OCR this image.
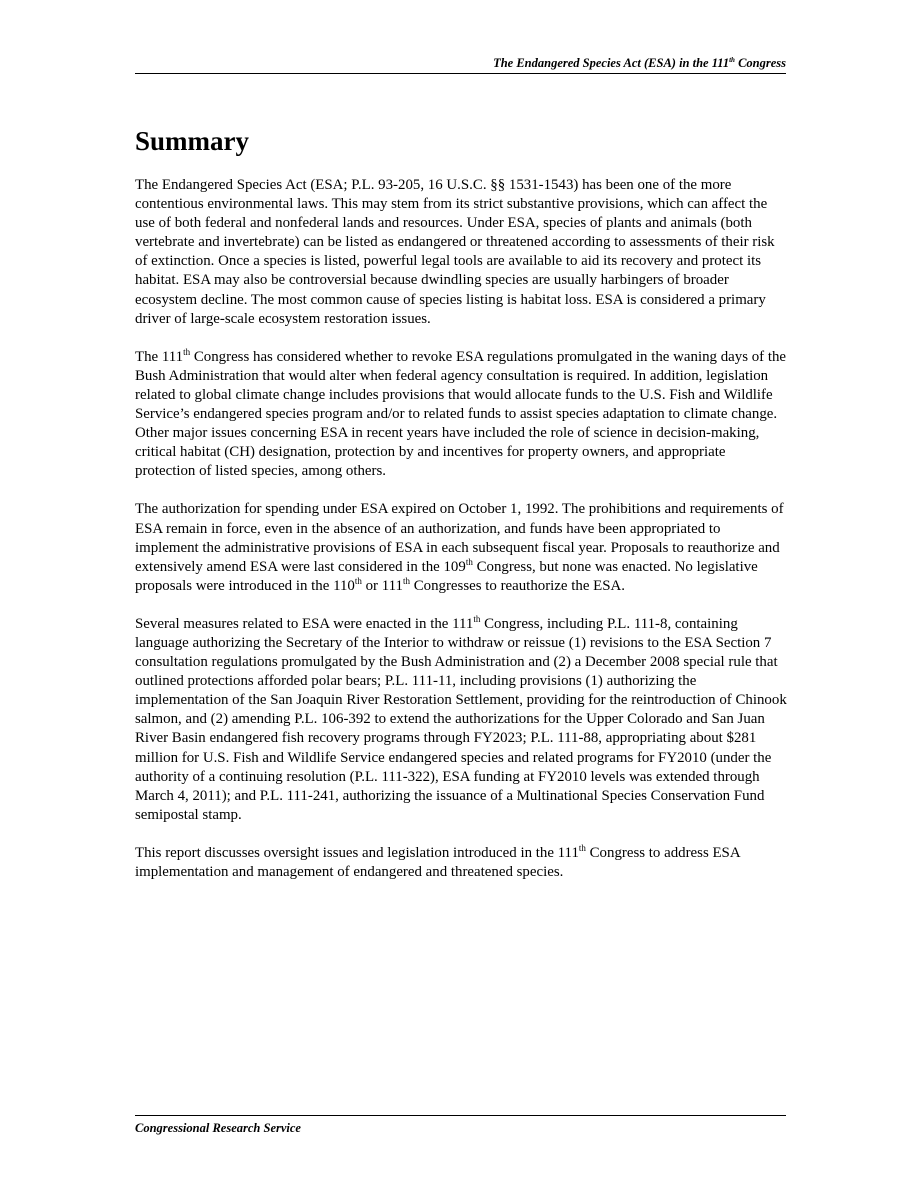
The Endangered Species Act (ESA) in the 111th Congress
Summary

The Endangered Species Act (ESA; P.L. 93-205, 16 U.S.C. §§ 1531-1543) has been one of the more contentious environmental laws. This may stem from its strict substantive provisions, which can affect the use of both federal and nonfederal lands and resources. Under ESA, species of plants and animals (both vertebrate and invertebrate) can be listed as endangered or threatened according to assessments of their risk of extinction. Once a species is listed, powerful legal tools are available to aid its recovery and protect its habitat. ESA may also be controversial because dwindling species are usually harbingers of broader ecosystem decline. The most common cause of species listing is habitat loss. ESA is considered a primary driver of large-scale ecosystem restoration issues.

The 111th Congress has considered whether to revoke ESA regulations promulgated in the waning days of the Bush Administration that would alter when federal agency consultation is required. In addition, legislation related to global climate change includes provisions that would allocate funds to the U.S. Fish and Wildlife Service’s endangered species program and/or to related funds to assist species adaptation to climate change. Other major issues concerning ESA in recent years have included the role of science in decision-making, critical habitat (CH) designation, protection by and incentives for property owners, and appropriate protection of listed species, among others.

The authorization for spending under ESA expired on October 1, 1992. The prohibitions and requirements of ESA remain in force, even in the absence of an authorization, and funds have been appropriated to implement the administrative provisions of ESA in each subsequent fiscal year. Proposals to reauthorize and extensively amend ESA were last considered in the 109th Congress, but none was enacted. No legislative proposals were introduced in the 110th or 111th Congresses to reauthorize the ESA.

Several measures related to ESA were enacted in the 111th Congress, including P.L. 111-8, containing language authorizing the Secretary of the Interior to withdraw or reissue (1) revisions to the ESA Section 7 consultation regulations promulgated by the Bush Administration and (2) a December 2008 special rule that outlined protections afforded polar bears; P.L. 111-11, including provisions (1) authorizing the implementation of the San Joaquin River Restoration Settlement, providing for the reintroduction of Chinook salmon, and (2) amending P.L. 106-392 to extend the authorizations for the Upper Colorado and San Juan River Basin endangered fish recovery programs through FY2023; P.L. 111-88, appropriating about $281 million for U.S. Fish and Wildlife Service endangered species and related programs for FY2010 (under the authority of a continuing resolution (P.L. 111-322), ESA funding at FY2010 levels was extended through March 4, 2011); and P.L. 111-241, authorizing the issuance of a Multinational Species Conservation Fund semipostal stamp.

This report discusses oversight issues and legislation introduced in the 111th Congress to address ESA implementation and management of endangered and threatened species.

Congressional Research Service
